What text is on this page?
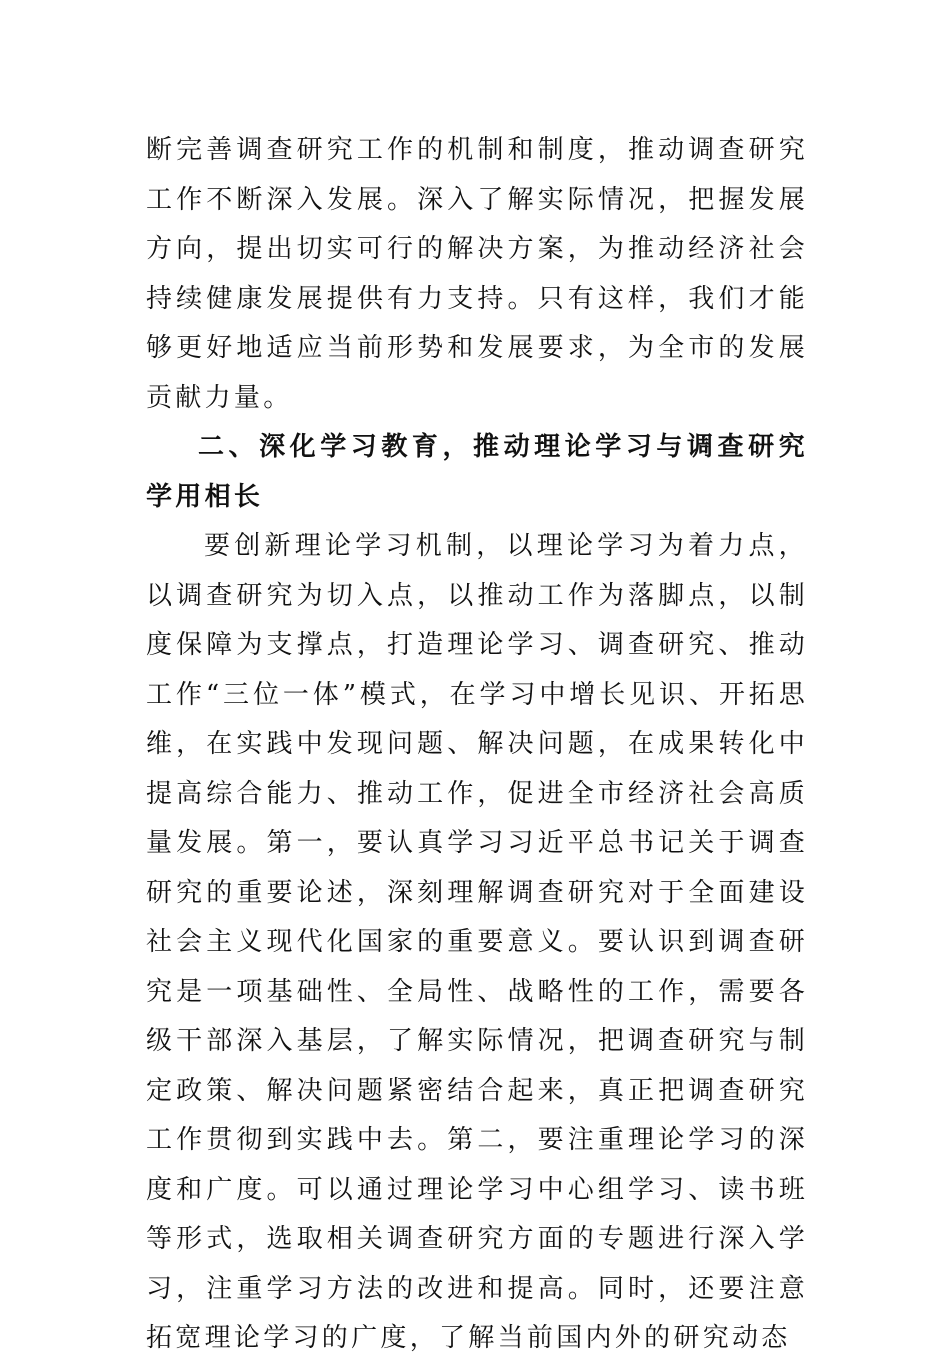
断完善调查研究工作的机制和制度，推动调查研究工作不断深入发展。深入了解实际情况，把握发展方向，提出切实可行的解决方案，为推动经济社会持续健康发展提供有力支持。只有这样，我们才能够更好地适应当前形势和发展要求，为全市的发展贡献力量。

二、深化学习教育，推动理论学习与调查研究学用相长

要创新理论学习机制，以理论学习为着力点，以调查研究为切入点，以推动工作为落脚点，以制度保障为支撑点，打造理论学习、调查研究、推动工作“三位一体”模式，在学习中增长见识、开拓思维，在实践中发现问题、解决问题，在成果转化中提高综合能力、推动工作，促进全市经济社会高质量发展。第一，要认真学习习近平总书记关于调查研究的重要论述，深刻理解调查研究对于全面建设社会主义现代化国家的重要意义。要认识到调查研究是一项基础性、全局性、战略性的工作，需要各级干部深入基层，了解实际情况，把调查研究与制定政策、解决问题紧密结合起来，真正把调查研究工作贯彻到实践中去。第二，要注重理论学习的深度和广度。可以通过理论学习中心组学习、读书班等形式，选取相关调查研究方面的专题进行深入学习，注重学习方法的改进和提高。同时，还要注意拓宽理论学习的广度，了解当前国内外的研究动态
